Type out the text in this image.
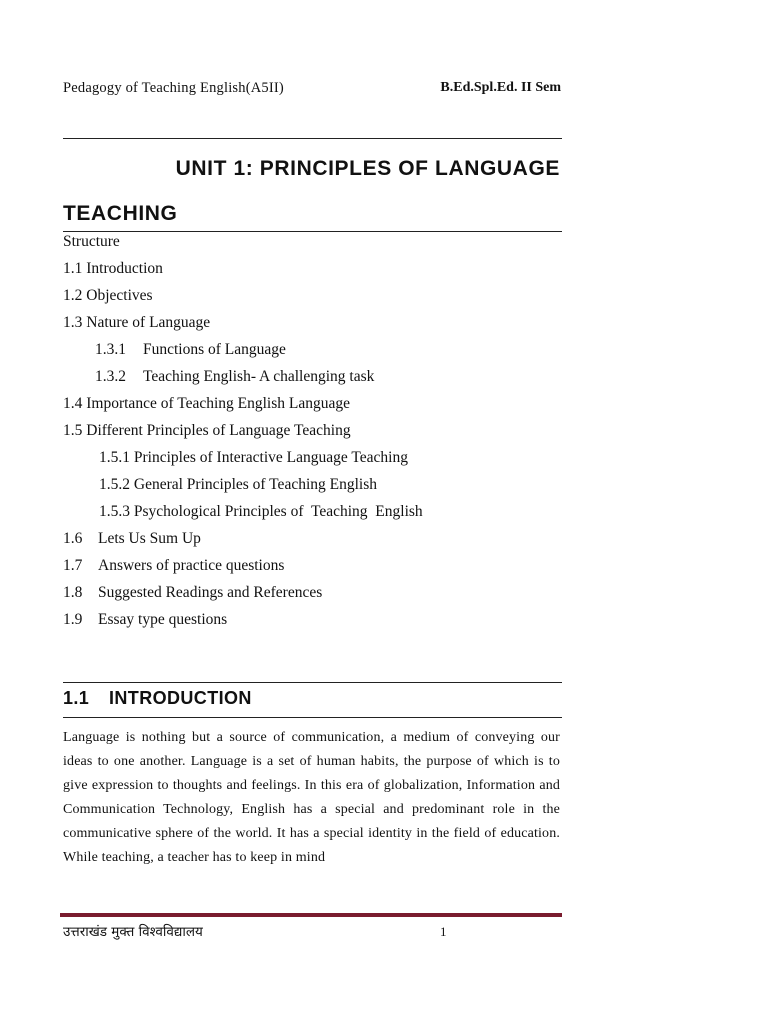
Pedagogy of Teaching English(A5II)	B.Ed.Spl.Ed. II Sem
UNIT 1: PRINCIPLES OF LANGUAGE
TEACHING
Structure
1.1 Introduction
1.2 Objectives
1.3 Nature of Language
1.3.1 Functions of Language
1.3.2 Teaching English- A challenging task
1.4 Importance of Teaching English Language
1.5 Different Principles of Language Teaching
1.5.1 Principles of Interactive Language Teaching
1.5.2 General Principles of Teaching English
1.5.3 Psychological Principles of  Teaching  English
1.6 Lets Us Sum Up
1.7 Answers of practice questions
1.8 Suggested Readings and References
1.9 Essay type questions
1.1 INTRODUCTION

Language is nothing but a source of communication, a medium of conveying our ideas to one another. Language is a set of human habits, the purpose of which is to give expression to thoughts and feelings. In this era of globalization, Information and Communication Technology, English has a special and predominant role in the communicative sphere of the world. It has a special identity in the field of education. While teaching, a teacher has to keep in mind

उत्तराखंड मुक्त विश्वविद्यालय	1
